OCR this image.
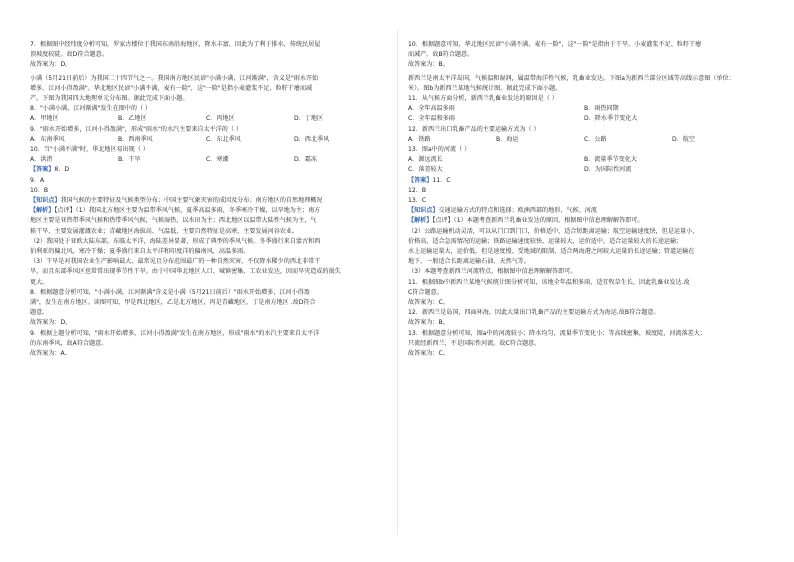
7．根据图中经纬度分析可知，罗家古楼位于我国东南沿海地区，降水丰富，因此为了利于排水，传统民居屋
顶坡度较陡。故D符合题意。
故答案为：D。
小满（5月21日前后）为我国二十四节气之一。我国南方地区民谚"小满小满，江河渐满"，含义是"雨水开始
增多，江河小得盈满"。华北地区民谚"小满不满，麦有一险"，这"一险"是指小麦灌浆不足、粒籽干瘪而减
产。下图为我国四大地理单元分布图。据此完成下面小题。
8．"小满小满，江河渐满"发生在图中的（ ）
A．甲地区	B．乙地区	C．丙地区	D．丁地区
9．"雨水开始增多，江河小得盈满"，形成"雨水"的水汽主要来自太平洋的（ ）
A．东南季风	B．西南季风	C．东北季风	D．西北季风
10．当"小满不满"时，华北地区易出现（ ）
A．洪涝	B．干旱	C．寒潮	D．霜冻
【答案】8．D
9．A
10．B
【知识点】我国气候的主要特征及气候类型分布；中国主要气象灾害的成因及分布；南方地区的自然地理概况
【解析】【点评】（1）我国北方地区主要为温带季风气候，夏季高温多雨，冬季寒冷干燥，以旱地为主；南方
地区主要是亚热带季风气候和热带季风气候，气候湿热，以水田为主；西北地区以温带大陆性气候为主，气
候干旱，主要发展灌溉农业；青藏地区海拔高、气温低，主要自然特征是高寒，主要发展河谷农业。
（2）我国处于亚欧大陆东部，东临太平洋，海陆差异显著，形成了典型的季风气候。冬季盛行来自蒙古和西
伯利亚的偏北风，寒冷干燥；夏季盛行来自太平洋和印度洋的偏南风，高温多雨。
（3）干旱是对我国农业生产影响最大、最常见且分布范围最广的一种自然灾害，不仅降水稀少的西北非常干
旱，而且东部季风区也常常出现季节性干旱。由于中国华北地区人口、城镇密集，工农业发达，因而旱灾造成的损失
更大。
8．根据题意分析可知，"小满小满，江河渐满"含义是小满（5月21日前后）"雨水开始增多，江河小得盈
满"，发生在南方地区。读图可知，甲是西北地区，乙是北方地区，丙是青藏地区，丁是南方地区 .故D符合
题意。
故答案为：D。
9．根据上题分析可知，"雨水开始增多，江河小得盈满"发生在南方地区，形成"雨水"的水汽主要来自太平洋
的东南季风，故A符合题意。
故答案为：A。
10．根据题意可知，华北地区民谚"小满不满，麦有一险"，这"一险"是指由于干旱，小麦灌浆不足、粒籽干瘪
而减产。故B符合题意。
故答案为：B。
新西兰是南太平洋岛国，气候温和湿润，属温带海洋性气候，乳畜业发达。下图a为新西兰部分区域等高线示意图（单位：
米）。图b为新西兰某地气候统计图。据此完成下面小题。
11．从气候方面分析，新西兰乳畜业发达的原因是（ ）
A．全年高温多雨	B．雨热同期
C．全年温和多雨	D．降水季节变化大
12．新西兰出口乳畜产品的主要运输方式为（ ）
A．铁路	B．海运	C．公路	D．航空
13．图a中的河流（ ）
A．源远流长	B．流量季节变化大
C．落差较大	D．为国际性河流
【答案】11．C
12．B
13．C
【知识点】交通运输方式的特点和选择；欧洲西部的地形、气候、河流
【解析】【点评】（1）本题考查新西兰乳畜业发达的原因，根据图中信息理解解答即可。
（2）公路运输机动灵活，可以从门口到门口，价格适中，适合短距离运输；航空运输速度快，但是运量小，
价格高，适合急需情况的运输；铁路运输速度较快、运量较大，运价适中，适合运量较大的长途运输；
水上运输运量大，运价低，但是速度慢、受地域的限制，适合两海港之间较大运量的长途运输；管道运输在
地下，一般适合长距离运输石油、天然气等。
（3）本题考查新西兰河流特点，根据图中信息理解解答即可。
11．根据图b中新西兰某地气候统计图分析可知，该地全年温和多雨，适宜牧草生长，因此乳畜业发达.故
C符合题意。
故答案为：C。
12．新西兰是岛国，四面环海，因此大量出口乳畜产品的主要运输方式为海运.故B符合题意。
故答案为：B。
13．根据题意分析可知，图a中的河流较小；降水均匀，流量季节变化小；等高线密集，坡度陡，河流落差大；
只流经新西兰，不是国际性河流。故C符合题意。
故答案为：C。
